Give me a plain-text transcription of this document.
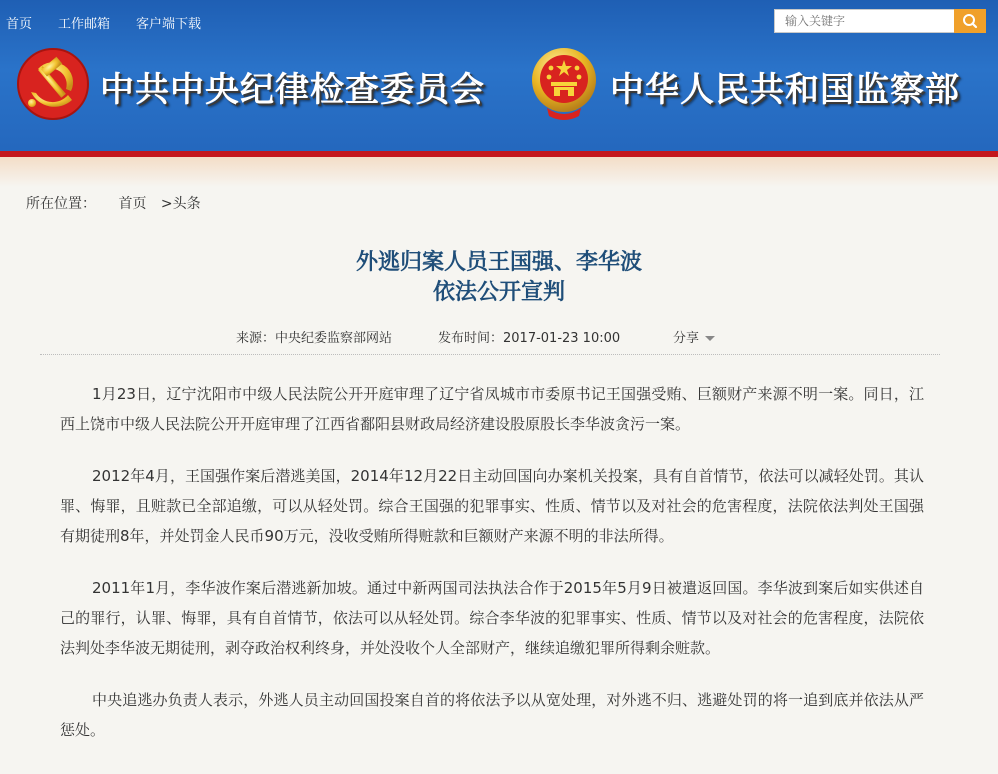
首页 工作邮箱 客户端下载
输入关键字
中共中央纪律检查委员会	中华人民共和国监察部
所在位置： 首页 >头条
外逃归案人员王国强、李华波
依法公开宣判
来源：中央纪委监察部网站	发布时间：2017-01-23 10:00	分享

1月23日，辽宁沈阳市中级人民法院公开开庭审理了辽宁省凤城市市委原书记王国强受贿、巨额财产来源不明一案。同日，江西上饶市中级人民法院公开开庭审理了江西省鄱阳县财政局经济建设股原股长李华波贪污一案。

2012年4月，王国强作案后潜逃美国，2014年12月22日主动回国向办案机关投案，具有自首情节，依法可以减轻处罚。其认罪、悔罪，且赃款已全部追缴，可以从轻处罚。综合王国强的犯罪事实、性质、情节以及对社会的危害程度，法院依法判处王国强有期徒刑8年，并处罚金人民币90万元，没收受贿所得赃款和巨额财产来源不明的非法所得。

2011年1月，李华波作案后潜逃新加坡。通过中新两国司法执法合作于2015年5月9日被遣返回国。李华波到案后如实供述自己的罪行，认罪、悔罪，具有自首情节，依法可以从轻处罚。综合李华波的犯罪事实、性质、情节以及对社会的危害程度，法院依法判处李华波无期徒刑，剥夺政治权利终身，并处没收个人全部财产，继续追缴犯罪所得剩余赃款。

中央追逃办负责人表示，外逃人员主动回国投案自首的将依法予以从宽处理，对外逃不归、逃避处罚的将一追到底并依法从严惩处。
